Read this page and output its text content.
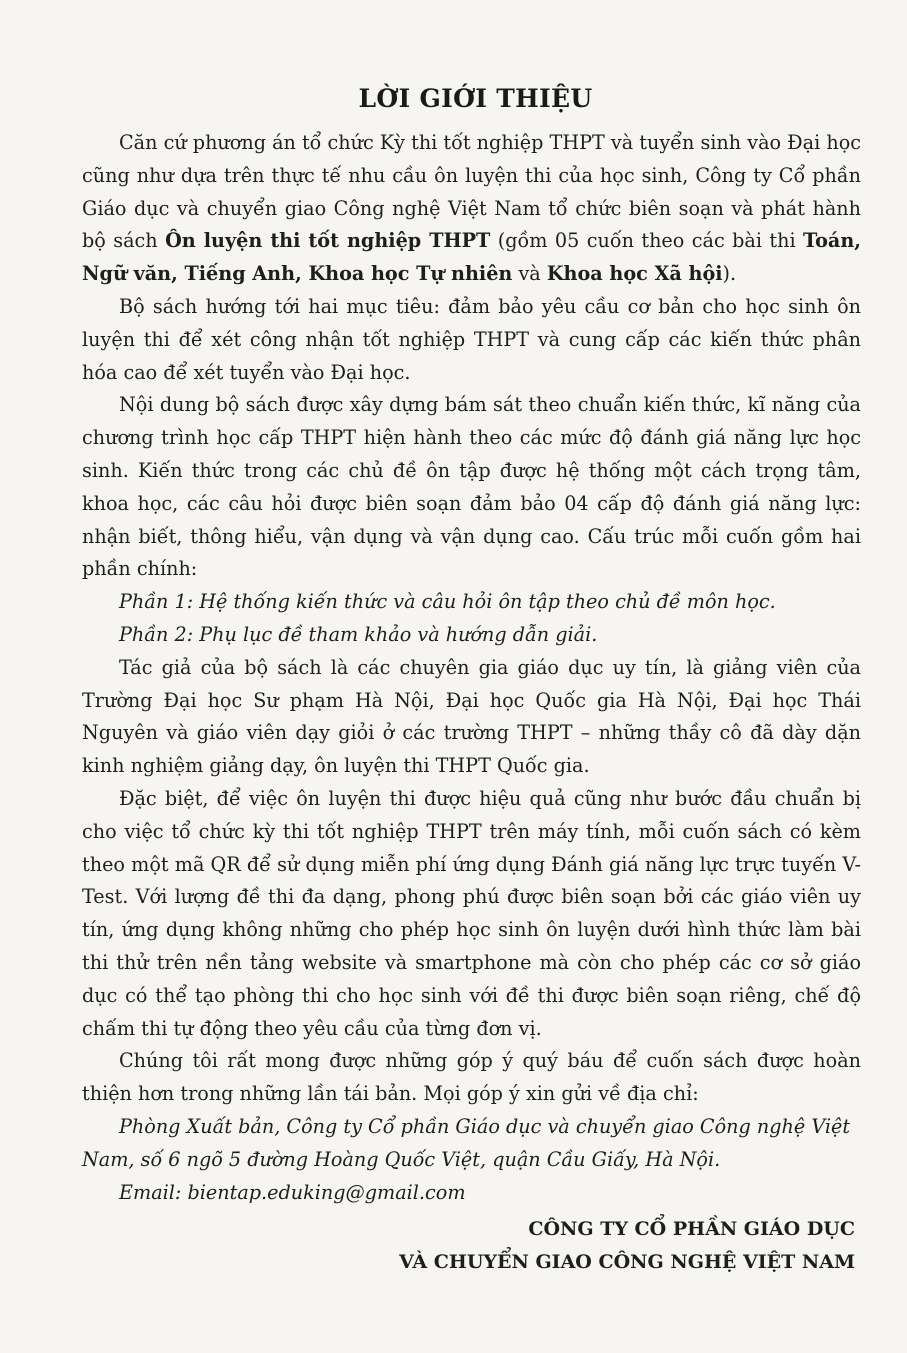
LỜI GIỚI THIỆU

Căn cứ phương án tổ chức Kỳ thi tốt nghiệp THPT và tuyển sinh vào Đại học cũng như dựa trên thực tế nhu cầu ôn luyện thi của học sinh, Công ty Cổ phần Giáo dục và chuyển giao Công nghệ Việt Nam tổ chức biên soạn và phát hành bộ sách Ôn luyện thi tốt nghiệp THPT (gồm 05 cuốn theo các bài thi Toán, Ngữ văn, Tiếng Anh, Khoa học Tự nhiên và Khoa học Xã hội).

Bộ sách hướng tới hai mục tiêu: đảm bảo yêu cầu cơ bản cho học sinh ôn luyện thi để xét công nhận tốt nghiệp THPT và cung cấp các kiến thức phân hóa cao để xét tuyển vào Đại học.

Nội dung bộ sách được xây dựng bám sát theo chuẩn kiến thức, kĩ năng của chương trình học cấp THPT hiện hành theo các mức độ đánh giá năng lực học sinh. Kiến thức trong các chủ đề ôn tập được hệ thống một cách trọng tâm, khoa học, các câu hỏi được biên soạn đảm bảo 04 cấp độ đánh giá năng lực: nhận biết, thông hiểu, vận dụng và vận dụng cao. Cấu trúc mỗi cuốn gồm hai phần chính:

Phần 1: Hệ thống kiến thức và câu hỏi ôn tập theo chủ đề môn học.

Phần 2: Phụ lục đề tham khảo và hướng dẫn giải.

Tác giả của bộ sách là các chuyên gia giáo dục uy tín, là giảng viên của Trường Đại học Sư phạm Hà Nội, Đại học Quốc gia Hà Nội, Đại học Thái Nguyên và giáo viên dạy giỏi ở các trường THPT – những thầy cô đã dày dặn kinh nghiệm giảng dạy, ôn luyện thi THPT Quốc gia.

Đặc biệt, để việc ôn luyện thi được hiệu quả cũng như bước đầu chuẩn bị cho việc tổ chức kỳ thi tốt nghiệp THPT trên máy tính, mỗi cuốn sách có kèm theo một mã QR để sử dụng miễn phí ứng dụng Đánh giá năng lực trực tuyến V-Test. Với lượng đề thi đa dạng, phong phú được biên soạn bởi các giáo viên uy tín, ứng dụng không những cho phép học sinh ôn luyện dưới hình thức làm bài thi thử trên nền tảng website và smartphone mà còn cho phép các cơ sở giáo dục có thể tạo phòng thi cho học sinh với đề thi được biên soạn riêng, chế độ chấm thi tự động theo yêu cầu của từng đơn vị.

Chúng tôi rất mong được những góp ý quý báu để cuốn sách được hoàn thiện hơn trong những lần tái bản. Mọi góp ý xin gửi về địa chỉ:

Phòng Xuất bản, Công ty Cổ phần Giáo dục và chuyển giao Công nghệ Việt Nam, số 6 ngõ 5 đường Hoàng Quốc Việt, quận Cầu Giấy, Hà Nội.

Email: bientap.eduking@gmail.com

CÔNG TY CỔ PHẦN GIÁO DỤC
VÀ CHUYỂN GIAO CÔNG NGHỆ VIỆT NAM
